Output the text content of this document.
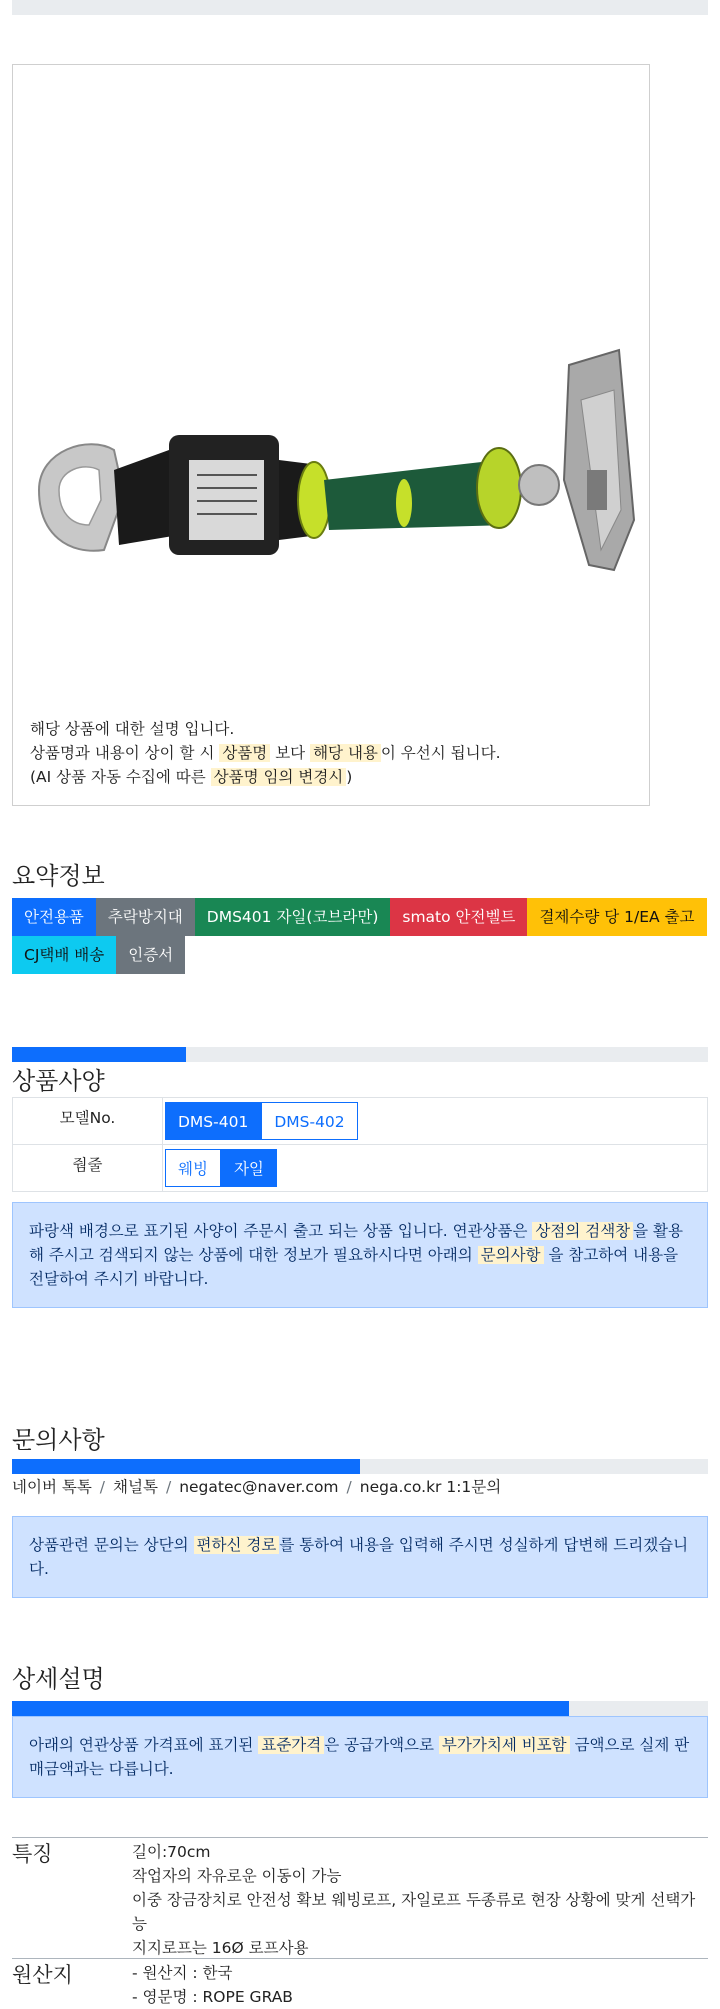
해당 상품에 대한 설명 입니다.
상품명과 내용이 상이 할 시 상품명 보다 해당 내용 이 우선시 됩니다.
(AI 상품 자동 수집에 따른 상품명 임의 변경시 )
요약정보
안전용품	추락방지대	DMS401 자일(코브라만)	smato 안전벨트	결제수량 당 1/EA 출고
CJ택배 배송	인증서
상품사양
모델No.	DMS-401 DMS-402
줨줄	웨빙 자일
파랑색 배경으로 표기된 사양이 주문시 출고 되는 상품 입니다. 연관상품은 상점의 검색창 을 활용해 주시고 검색되지 않는 상품에 대한 정보가 필요하시다면 아래의 문의사항 을 참고하여 내용을 전달하여 주시기 바랍니다.
문의사항
네이버 톡톡 / 채널톡 / negatec@naver.com / nega.co.kr 1:1문의
상품관련 문의는 상단의 편하신 경로 를 통하여 내용을 입력해 주시면 성실하게 답변해 드리겠습니다.
상세설명
아래의 연관상품 가격표에 표기된 표준가격 은 공급가액으로 부가가치세 비포함 금액으로 실제 판매금액과는 다릅니다.
특징	길이:70cm
작업자의 자유로운 이동이 가능
이중 장금장치로 안전성 확보 웨빙로프, 자일로프 두종류로 현장 상황에 맞게 선택가능
지지로프는 16Ø 로프사용
원산지	- 원산지 : 한국
- 영문명 : ROPE GRAB
